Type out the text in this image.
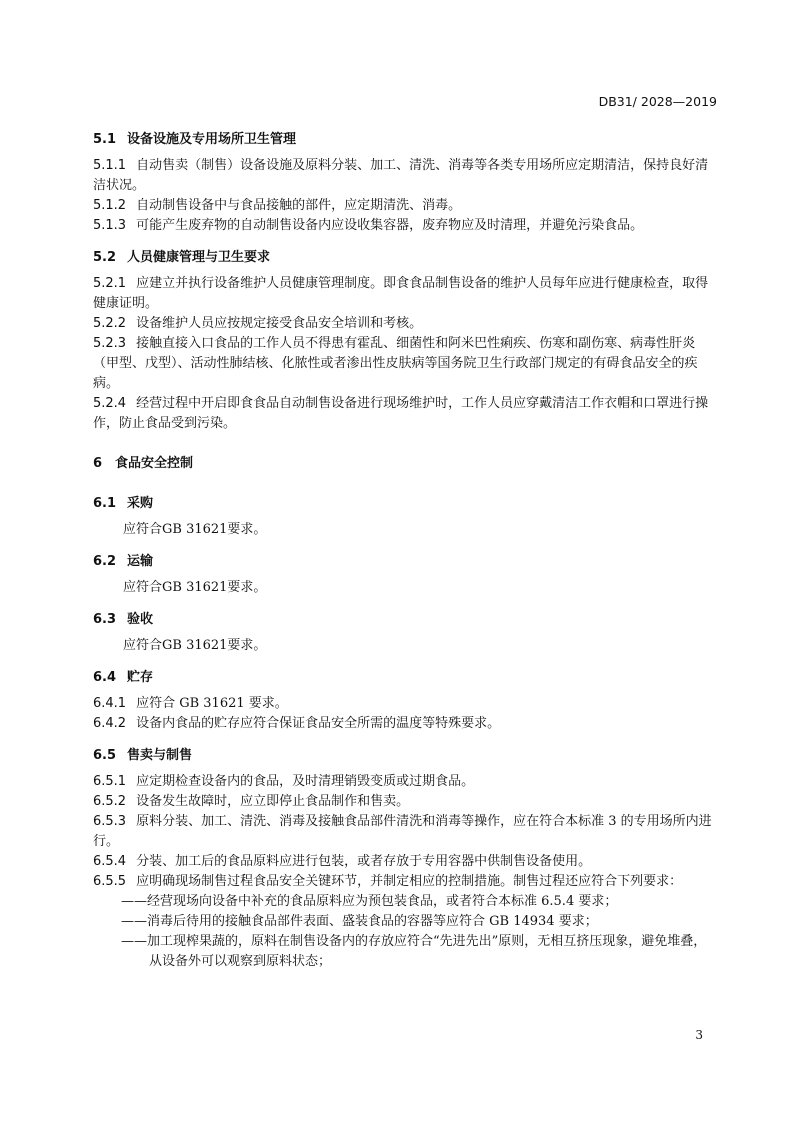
DB31/ 2028—2019
5.1 设备设施及专用场所卫生管理
5.1.1 自动售卖（制售）设备设施及原料分装、加工、清洗、消毒等各类专用场所应定期清洁，保持良好清洁状况。
5.1.2 自动制售设备中与食品接触的部件，应定期清洗、消毒。
5.1.3 可能产生废弃物的自动制售设备内应设收集容器，废弃物应及时清理，并避免污染食品。
5.2 人员健康管理与卫生要求
5.2.1 应建立并执行设备维护人员健康管理制度。即食食品制售设备的维护人员每年应进行健康检查，取得健康证明。
5.2.2 设备维护人员应按规定接受食品安全培训和考核。
5.2.3 接触直接入口食品的工作人员不得患有霍乱、细菌性和阿米巴性痢疾、伤寒和副伤寒、病毒性肝炎（甲型、戊型）、活动性肺结核、化脓性或者渗出性皮肤病等国务院卫生行政部门规定的有碍食品安全的疾病。
5.2.4 经营过程中开启即食食品自动制售设备进行现场维护时，工作人员应穿戴清洁工作衣帽和口罩进行操作，防止食品受到污染。
6 食品安全控制
6.1 采购
应符合GB 31621要求。
6.2 运输
应符合GB 31621要求。
6.3 验收
应符合GB 31621要求。
6.4 贮存
6.4.1 应符合 GB 31621 要求。
6.4.2 设备内食品的贮存应符合保证食品安全所需的温度等特殊要求。
6.5 售卖与制售
6.5.1 应定期检查设备内的食品，及时清理销毁变质或过期食品。
6.5.2 设备发生故障时，应立即停止食品制作和售卖。
6.5.3 原料分装、加工、清洗、消毒及接触食品部件清洗和消毒等操作，应在符合本标准 3 的专用场所内进行。
6.5.4 分装、加工后的食品原料应进行包装，或者存放于专用容器中供制售设备使用。
6.5.5 应明确现场制售过程食品安全关键环节，并制定相应的控制措施。制售过程还应符合下列要求：
——经营现场向设备中补充的食品原料应为预包装食品，或者符合本标准 6.5.4 要求；
——消毒后待用的接触食品部件表面、盛装食品的容器等应符合 GB 14934 要求；
——加工现榨果蔬的，原料在制售设备内的存放应符合“先进先出”原则，无相互挤压现象，避免堆叠，从设备外可以观察到原料状态；
3
